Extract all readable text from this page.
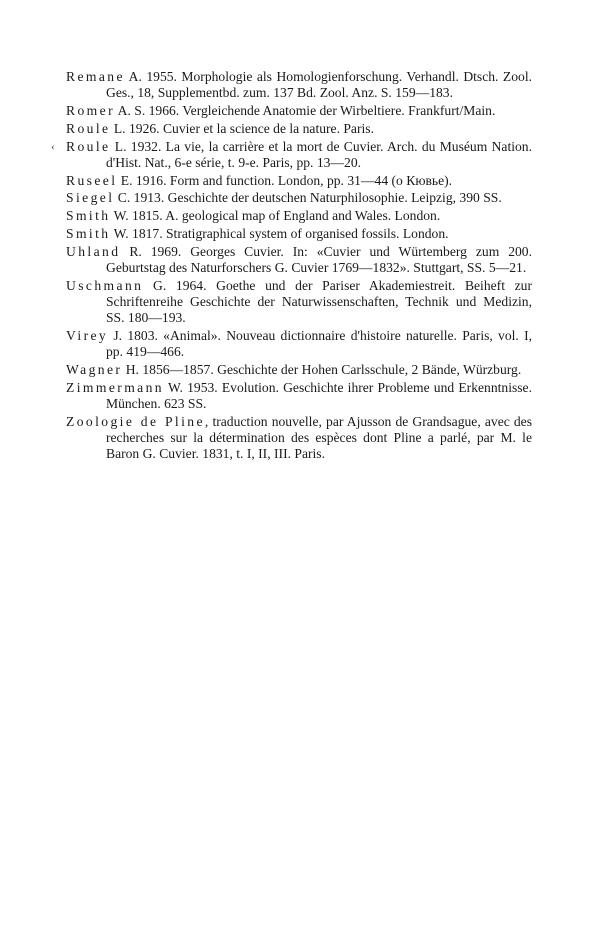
Remane A. 1955. Morphologie als Homologienforschung. Verhandl. Dtsch. Zool. Ges., 18, Supplementbd. zum. 137 Bd. Zool. Anz. S. 159—183.
Romer A. S. 1966. Vergleichende Anatomie der Wirbeltiere. Frankfurt/Main.
Roule L. 1926. Cuvier et la science de la nature. Paris.
‹ Roule L. 1932. La vie, la carrière et la mort de Cuvier. Arch. du Muséum Nation. d'Hist. Nat., 6-e série, t. 9-e. Paris, pp. 13—20.
Ruseel E. 1916. Form and function. London, pp. 31—44 (о Кювье).
Siegel C. 1913. Geschichte der deutschen Naturphilosophie. Leipzig, 390 SS.
Smith W. 1815. A. geological map of England and Wales. London.
Smith W. 1817. Stratigraphical system of organised fossils. London.
Uhland R. 1969. Georges Cuvier. In: «Cuvier und Würtemberg zum 200. Geburtstag des Naturforschers G. Cuvier 1769—1832». Stuttgart, SS. 5—21.
Uschmann G. 1964. Goethe und der Pariser Akademiestreit. Beiheft zur Schriftenreihe Geschichte der Naturwissenschaften, Technik und Medizin, SS. 180—193.
Virey J. 1803. «Animal». Nouveau dictionnaire d'histoire naturelle. Paris, vol. I, pp. 419—466.
Wagner H. 1856—1857. Geschichte der Hohen Carlsschule, 2 Bände, Würzburg.
Zimmermann W. 1953. Evolution. Geschichte ihrer Probleme und Erkenntnisse. München. 623 SS.
Zoologie de Pline, traduction nouvelle, par Ajusson de Grandsague, avec des recherches sur la détermination des espèces dont Pline a parlé, par M. le Baron G. Cuvier. 1831, t. I, II, III. Paris.
